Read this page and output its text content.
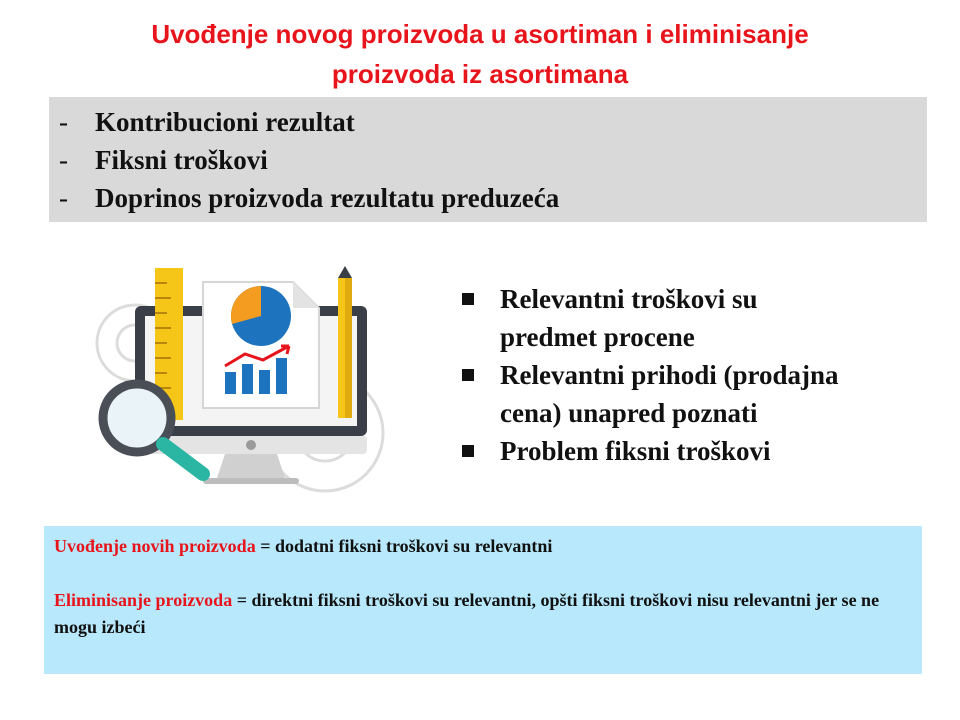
Uvođenje novog proizvoda u asortiman i eliminisanje
proizvoda iz asortimana
-	Kontribucioni rezultat
-	Fiksni troškovi
-	Doprinos proizvoda rezultatu preduzeća
Relevantni troškovi su
predmet procene
Relevantni prihodi (prodajna
cena) unapred poznati
Problem fiksni troškovi

Uvođenje novih proizvoda = dodatni fiksni troškovi su relevantni

Eliminisanje proizvoda = direktni fiksni troškovi su relevantni, opšti fiksni troškovi nisu relevantni jer se ne mogu izbeći
